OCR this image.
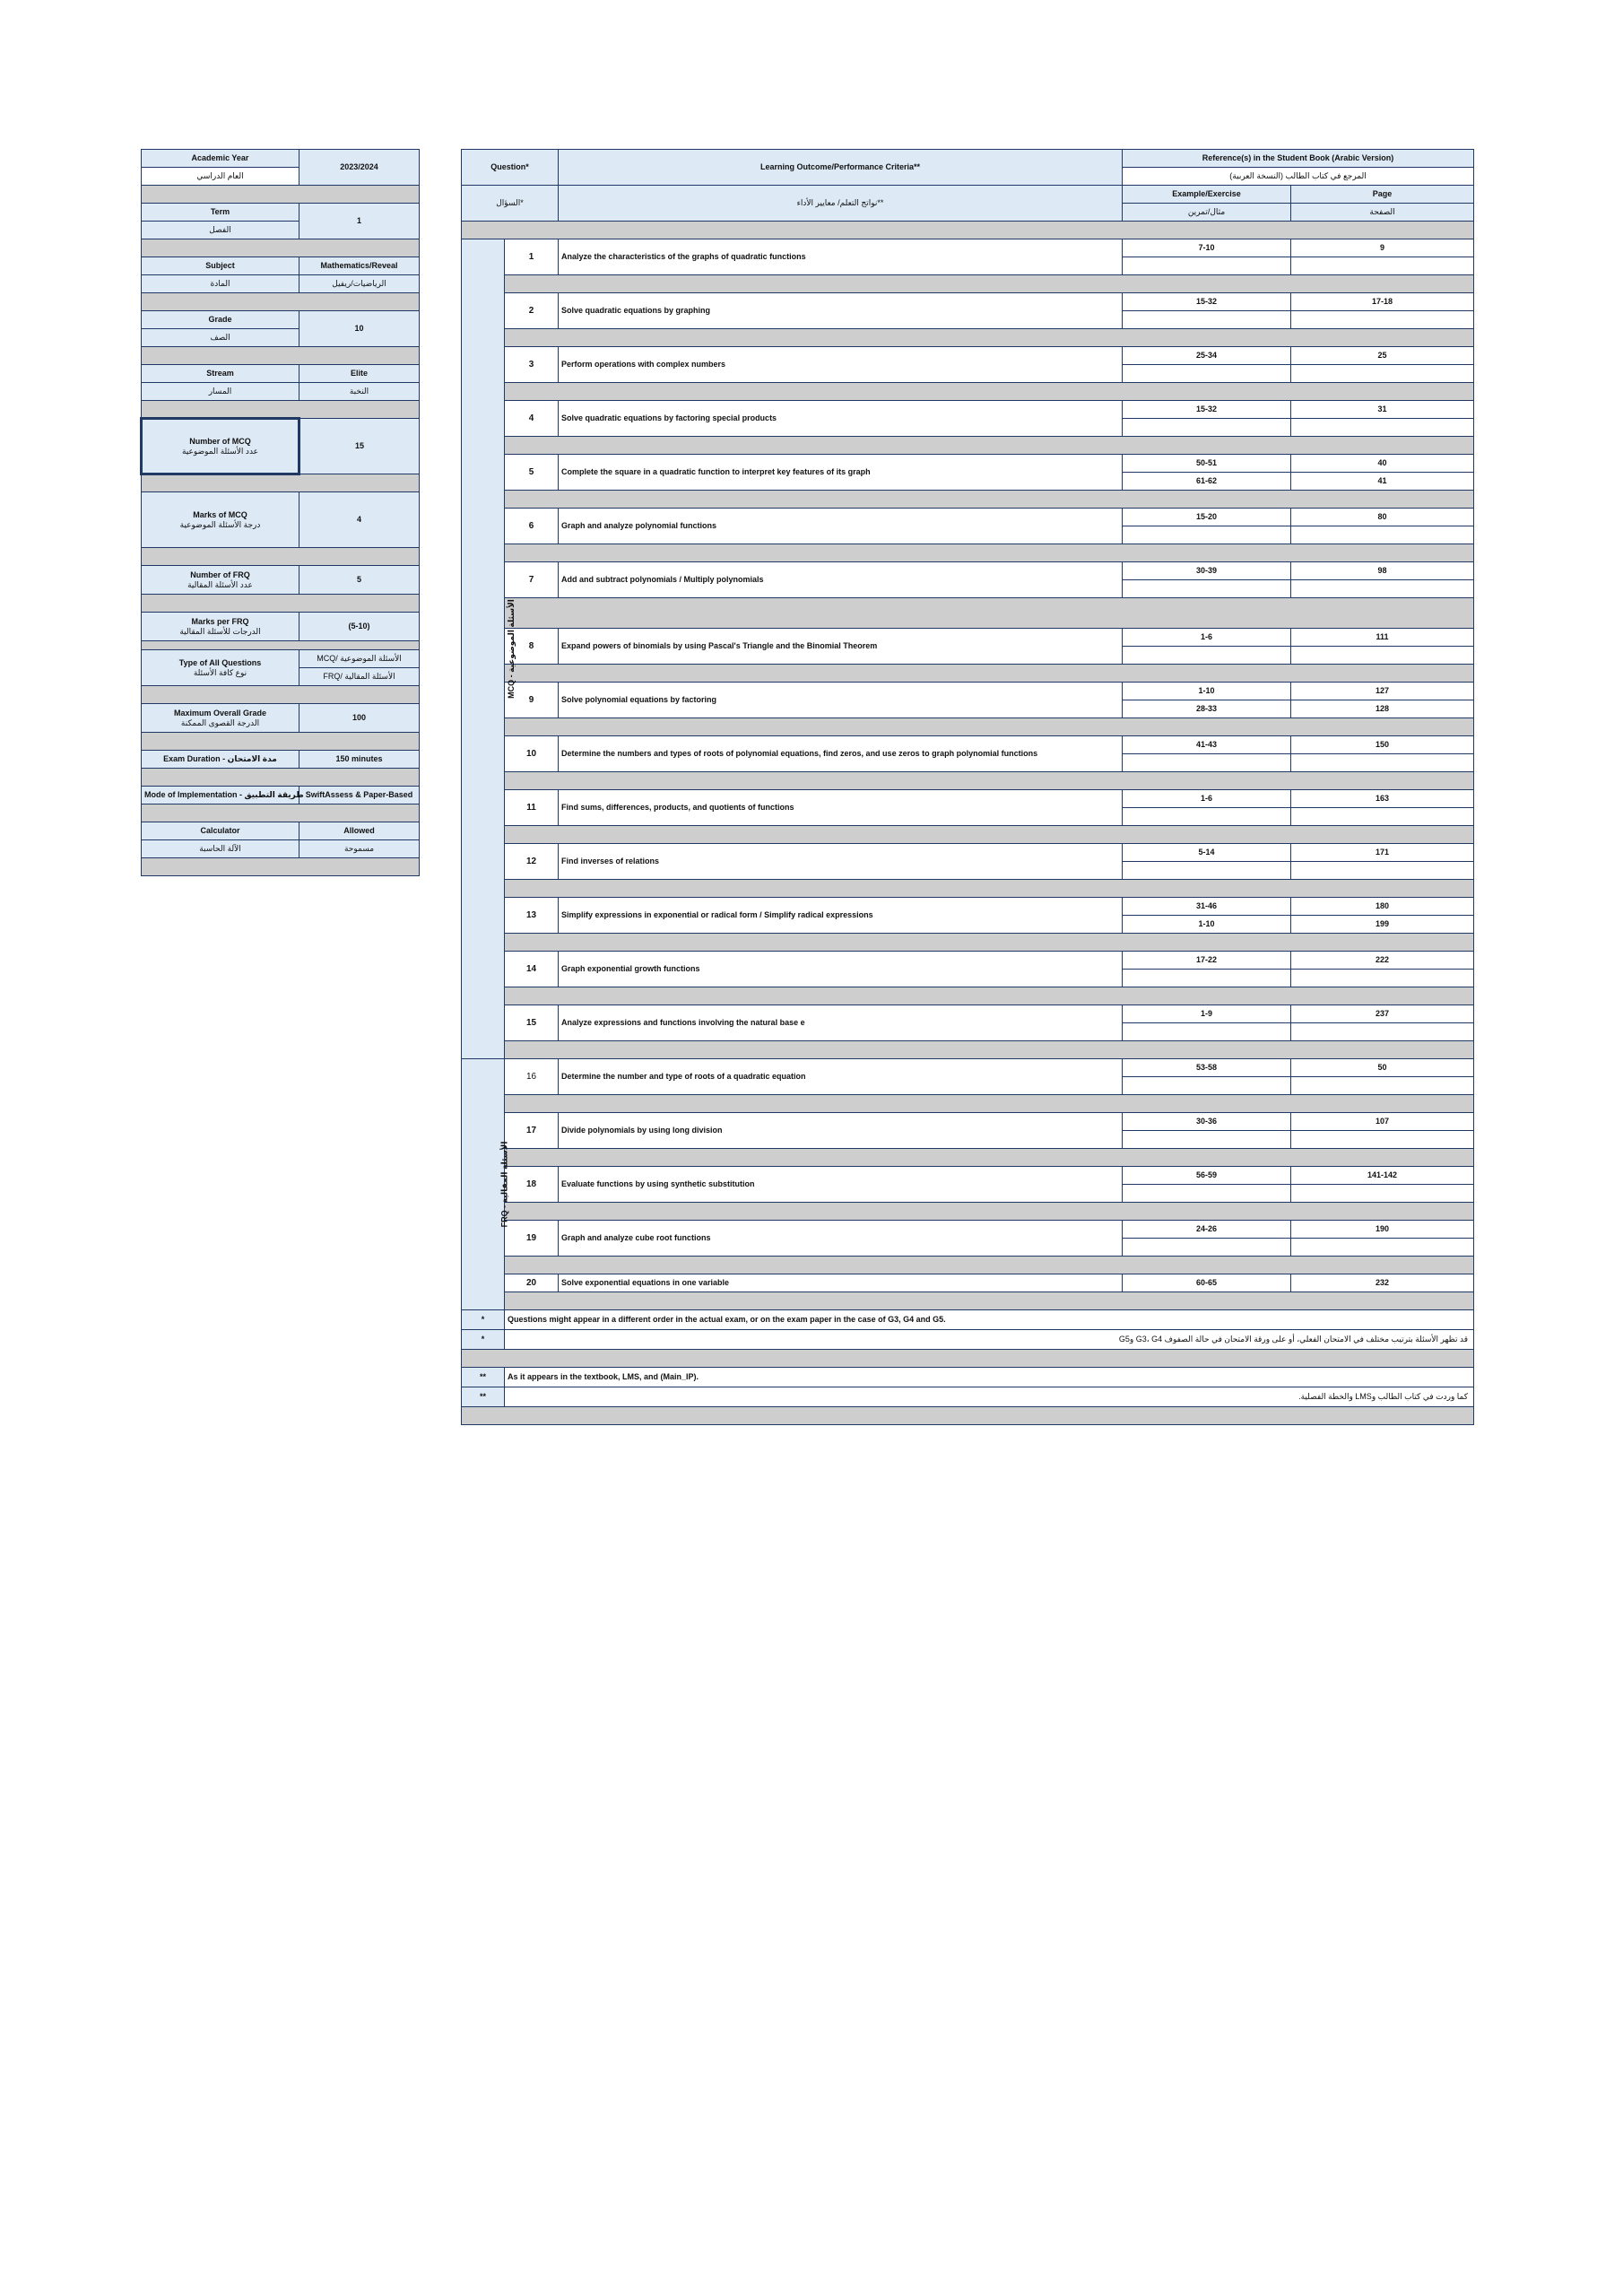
Academic Year	2023/2024
العام الدراسي	

Term	1
الفصل	

Subject	Mathematics/Reveal
المادة	الرياضيات/ريفيل

Grade	10
الصف	

Stream	Elite
المسار	النخبة

Number of MCQ
عدد الأسئلة الموضوعية	15

Marks of MCQ
درجة الأسئلة الموضوعية	4

Number of FRQ
عدد الأسئلة المقالية	5

Marks per FRQ
الدرجات للأسئلة المقالية	(5-10)

Type of All Questions
نوع كافة الأسئلة	MCQ/ الأسئلة الموضوعية
	FRQ/ الأسئلة المقالية

Maximum Overall Grade
الدرجة القصوى الممكنة	100

Exam Duration - مدة الامتحان	150 minutes

Mode of Implementation - طريقة التطبيق	SwiftAssess & Paper-Based

Calculator	Allowed
الآلة الحاسبة	مسموحة

Question*		Learning Outcome/Performance Criteria**	Reference(s) in the Student Book (Arabic Version)	
			المرجع في كتاب الطالب (النسخة العربية)	
السؤال*		نواتج التعلم/ معايير الأداء**	Example/Exercise	Page
			مثال/تمرين	الصفحة

MCQ - الأسئلة الموضوعية	1	Analyze the characteristics of the graphs of quadratic functions	7-10	9

	2	Solve quadratic equations by graphing	15-32	17-18

	3	Perform operations with complex numbers	25-34	25

	4	Solve quadratic equations by factoring special products	15-32	31

	5	Complete the square in a quadratic function to interpret key features of its graph	50-51	40
			61-62	41

	6	Graph and analyze polynomial functions	15-20	80

	7	Add and subtract polynomials / Multiply polynomials	30-39	98

	8	Expand powers of binomials by using Pascal's Triangle and the Binomial Theorem	1-6	111

	9	Solve polynomial equations by factoring	1-10	127
			28-33	128

	10	Determine the numbers and types of roots of polynomial equations, find zeros, and use zeros to graph polynomial functions	41-43	150

	11	Find sums, differences, products, and quotients of functions	1-6	163

	12	Find inverses of relations	5-14	171

	13	Simplify expressions in exponential or radical form / Simplify radical expressions	31-46	180
			1-10	199

	14	Graph exponential growth functions	17-22	222

	15	Analyze expressions and functions involving the natural base e	1-9	237

FRQ - الأسئلة المقالية	16	Determine the number and type of roots of a quadratic equation	53-58	50

	17	Divide polynomials by using long division	30-36	107

	18	Evaluate functions by using synthetic substitution	56-59	141-142

	19	Graph and analyze cube root functions	24-26	190

	20	Solve exponential equations in one variable	60-65	232

*	Questions might appear in a different order in the actual exam, or on the exam paper in the case of G3, G4 and G5.			
*	قد تظهر الأسئلة بترتيب مختلف في الامتحان الفعلي، أو على ورقة الامتحان في حالة الصفوف G3، G4 وG5			

**	As it appears in the textbook, LMS, and (Main_IP).			
**	كما وردت في كتاب الطالب وLMS والخطة الفصلية.			
